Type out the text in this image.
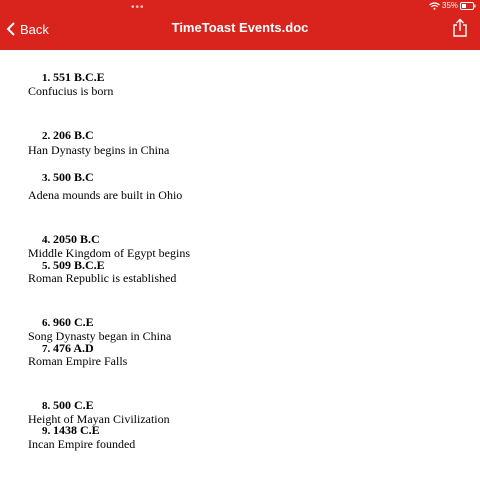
•••	35%
Back	TimeToast Events.doc
1. 551 B.C.E
Confucius is born
2. 206 B.C
Han Dynasty begins in China
3. 500 B.C
Adena mounds are built in Ohio
4. 2050 B.C
Middle Kingdom of Egypt begins
5. 509 B.C.E
Roman Republic is established
6. 960 C.E
Song Dynasty began in China
7. 476 A.D
Roman Empire Falls
8. 500 C.E
Height of Mayan Civilization
9. 1438 C.E
Incan Empire founded
